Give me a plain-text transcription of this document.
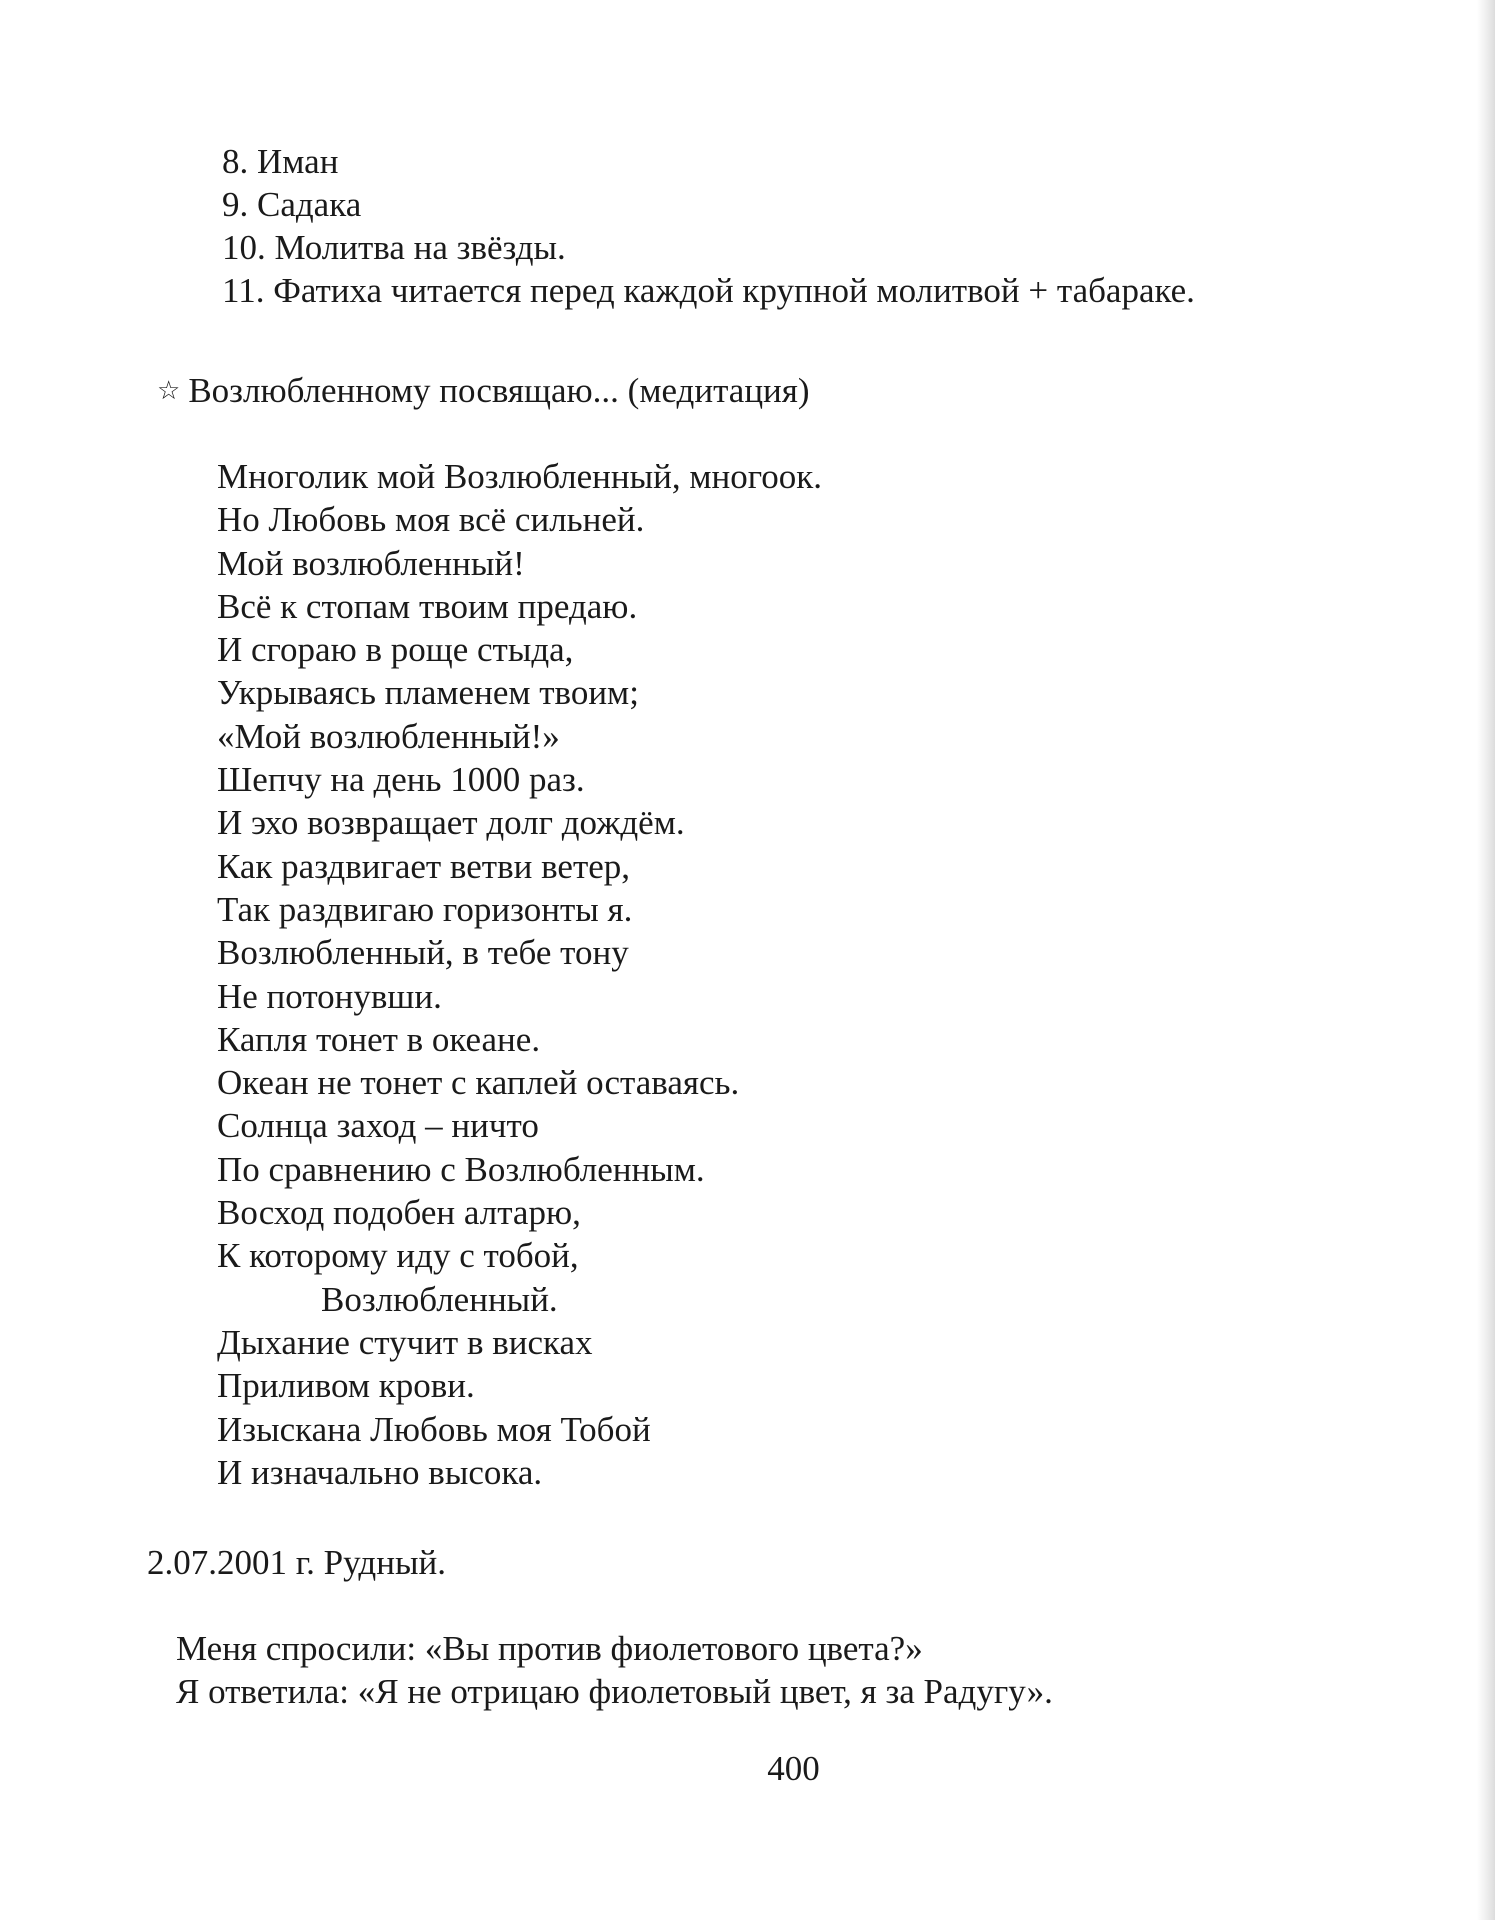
8. Иман
9. Садака
10. Молитва на звёзды.
11. Фатиха читается перед каждой крупной молитвой + табараке.
☆ Возлюбленному посвящаю... (медитация)
Многолик мой Возлюбленный, многоок.
Но Любовь моя всё сильней.
Мой возлюбленный!
Всё к стопам твоим предаю.
И сгораю в роще стыда,
Укрываясь пламенем твоим;
«Мой возлюбленный!»
Шепчу на день 1000 раз.
И эхо возвращает долг дождём.
Как раздвигает ветви ветер,
Так раздвигаю горизонты я.
Возлюбленный, в тебе тону
Не потонувши.
Капля тонет в океане.
Океан не тонет с каплей оставаясь.
Солнца заход – ничто
По сравнению с Возлюбленным.
Восход подобен алтарю,
К которому иду с тобой,
Возлюбленный.
Дыхание стучит в висках
Приливом крови.
Изыскана Любовь моя Тобой
И изначально высока.
2.07.2001 г. Рудный.
Меня спросили: «Вы против фиолетового цвета?»
Я ответила: «Я не отрицаю фиолетовый цвет, я за Радугу».
400
